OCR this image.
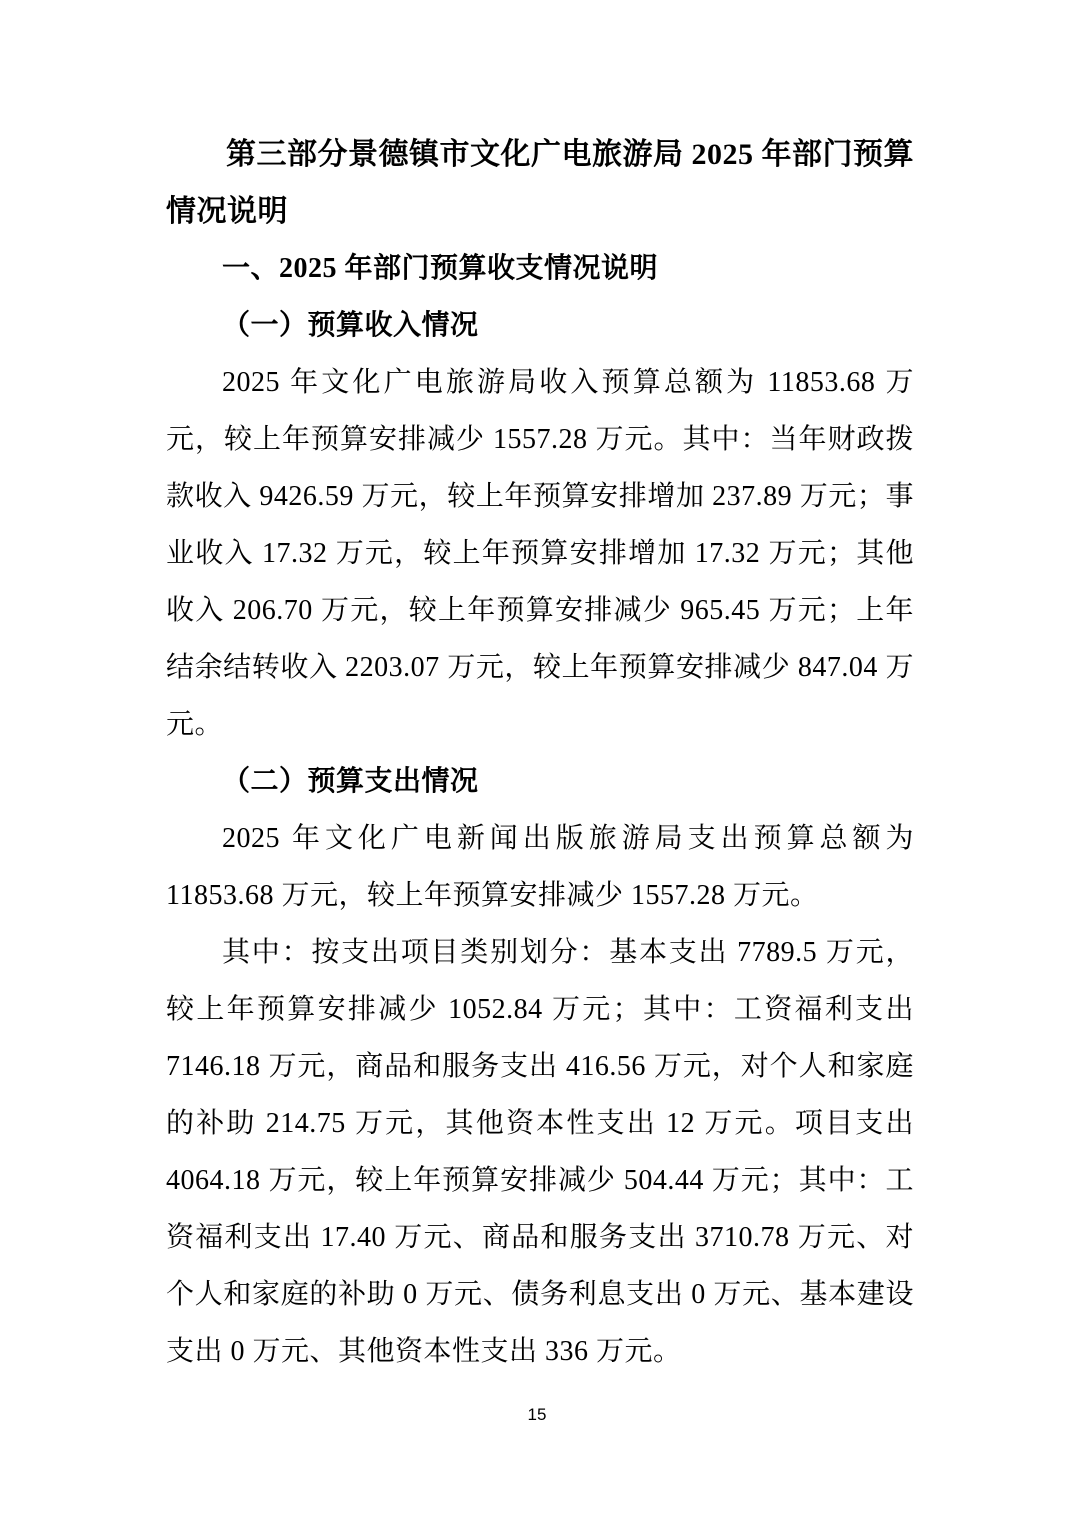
第三部分景德镇市文化广电旅游局 2025 年部门预算情况说明

一、2025 年部门预算收支情况说明

（一）预算收入情况

2025 年文化广电旅游局收入预算总额为 11853.68 万元，较上年预算安排减少 1557.28 万元。其中：当年财政拨款收入 9426.59 万元，较上年预算安排增加 237.89 万元；事业收入 17.32 万元，较上年预算安排增加 17.32 万元；其他收入 206.70 万元，较上年预算安排减少 965.45 万元；上年结余结转收入 2203.07 万元，较上年预算安排减少 847.04 万元。

（二）预算支出情况

2025 年文化广电新闻出版旅游局支出预算总额为 11853.68 万元，较上年预算安排减少 1557.28 万元。

其中：按支出项目类别划分：基本支出 7789.5 万元，较上年预算安排减少 1052.84 万元；其中：工资福利支出 7146.18 万元，商品和服务支出 416.56 万元，对个人和家庭的补助 214.75 万元，其他资本性支出 12 万元。项目支出 4064.18 万元，较上年预算安排减少 504.44 万元；其中：工资福利支出 17.40 万元、商品和服务支出 3710.78 万元、对个人和家庭的补助 0 万元、债务利息支出 0 万元、基本建设支出 0 万元、其他资本性支出 336 万元。

15
